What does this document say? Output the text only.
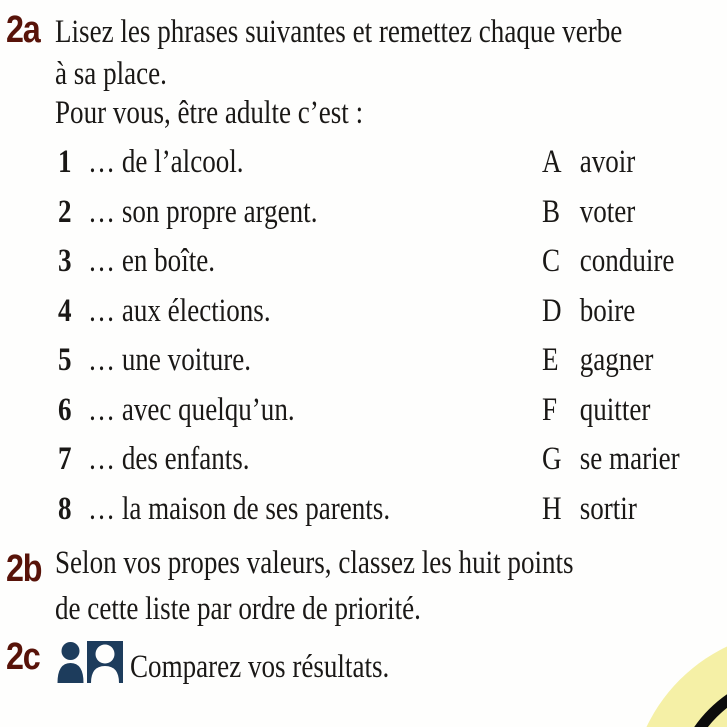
2a Lisez les phrases suivantes et remettez chaque verbe
à sa place.
Pour vous, être adulte c’est :
1 … de l’alcool.	A avoir
2 … son propre argent.	B voter
3 … en boîte.	C conduire
4 … aux élections.	D boire
5 … une voiture.	E gagner
6 … avec quelqu’un.	F quitter
7 … des enfants.	G se marier
8 … la maison de ses parents.	H sortir
2b Selon vos propes valeurs, classez les huit points
de cette liste par ordre de priorité.
2c	Comparez vos résultats.
